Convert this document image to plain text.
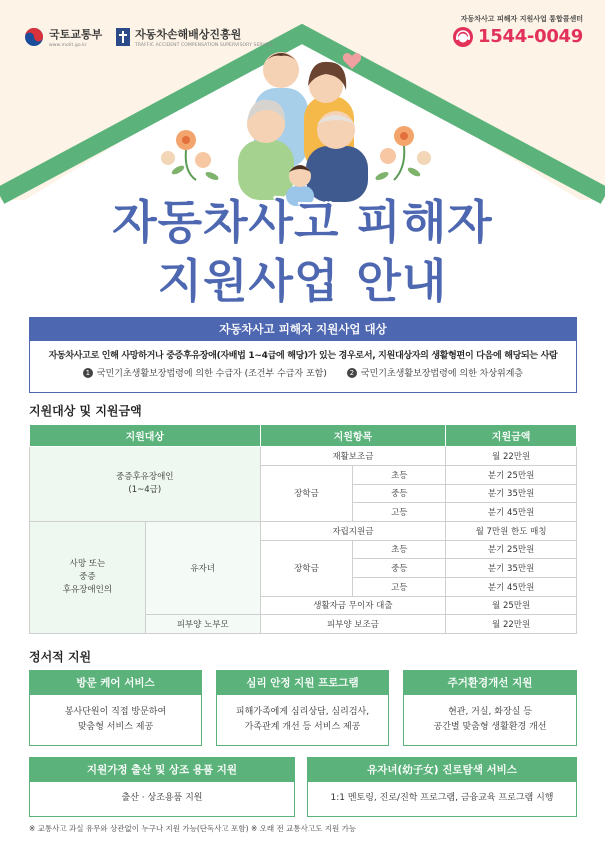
국토교통부
www.molit.go.kr
자동차손해배상진흥원
TRAFFIC ACCIDENT COMPENSATION SUPERVISORY SERVICE
자동차사고 피해자 지원사업 통합콜센터
1544-0049
자동차사고 피해자
지원사업 안내
자동차사고 피해자 지원사업 대상
자동차사고로 인해 사망하거나 중증후유장애(자배법 1~4급에 해당)가 있는 경우로서, 지원대상자의 생활형편이 다음에 해당되는 사람
1 국민기초생활보장법령에 의한 수급자 (조건부 수급자 포함)	2 국민기초생활보장법령에 의한 차상위계층
지원대상 및 지원금액
지원대상		지원항목		지원금액
중증후유장애인
(1~4급)		재활보조금		월 22만원
		장학금	초등	분기 25만원
			중등	분기 35만원
			고등	분기 45만원
사망 또는
중증
후유장애인의	유자녀	자립지원금		월 7만원 한도 매칭
		장학금	초등	분기 25만원
			중등	분기 35만원
			고등	분기 45만원
		생활자금 무이자 대출		월 25만원
	피부양 노부모	피부양 보조금		월 22만원
정서적 지원
방문 케어 서비스
봉사단원이 직접 방문하여
맞춤형 서비스 제공
심리 안정 지원 프로그램
피해가족에게 심리상담, 심리검사,
가족관계 개선 등 서비스 제공
주거환경개선 지원
현관, 거실, 화장실 등
공간별 맞춤형 생활환경 개선
지원가정 출산 및 상조 용품 지원
출산 · 상조용품 지원
유자녀(幼子女) 진로탐색 서비스
1:1 멘토링, 진로/진학 프로그램, 금융교육 프로그램 시행
※ 교통사고 과실 유무와 상관없이 누구나 지원 가능(단독사고 포함) ※ 오래 전 교통사고도 지원 가능
